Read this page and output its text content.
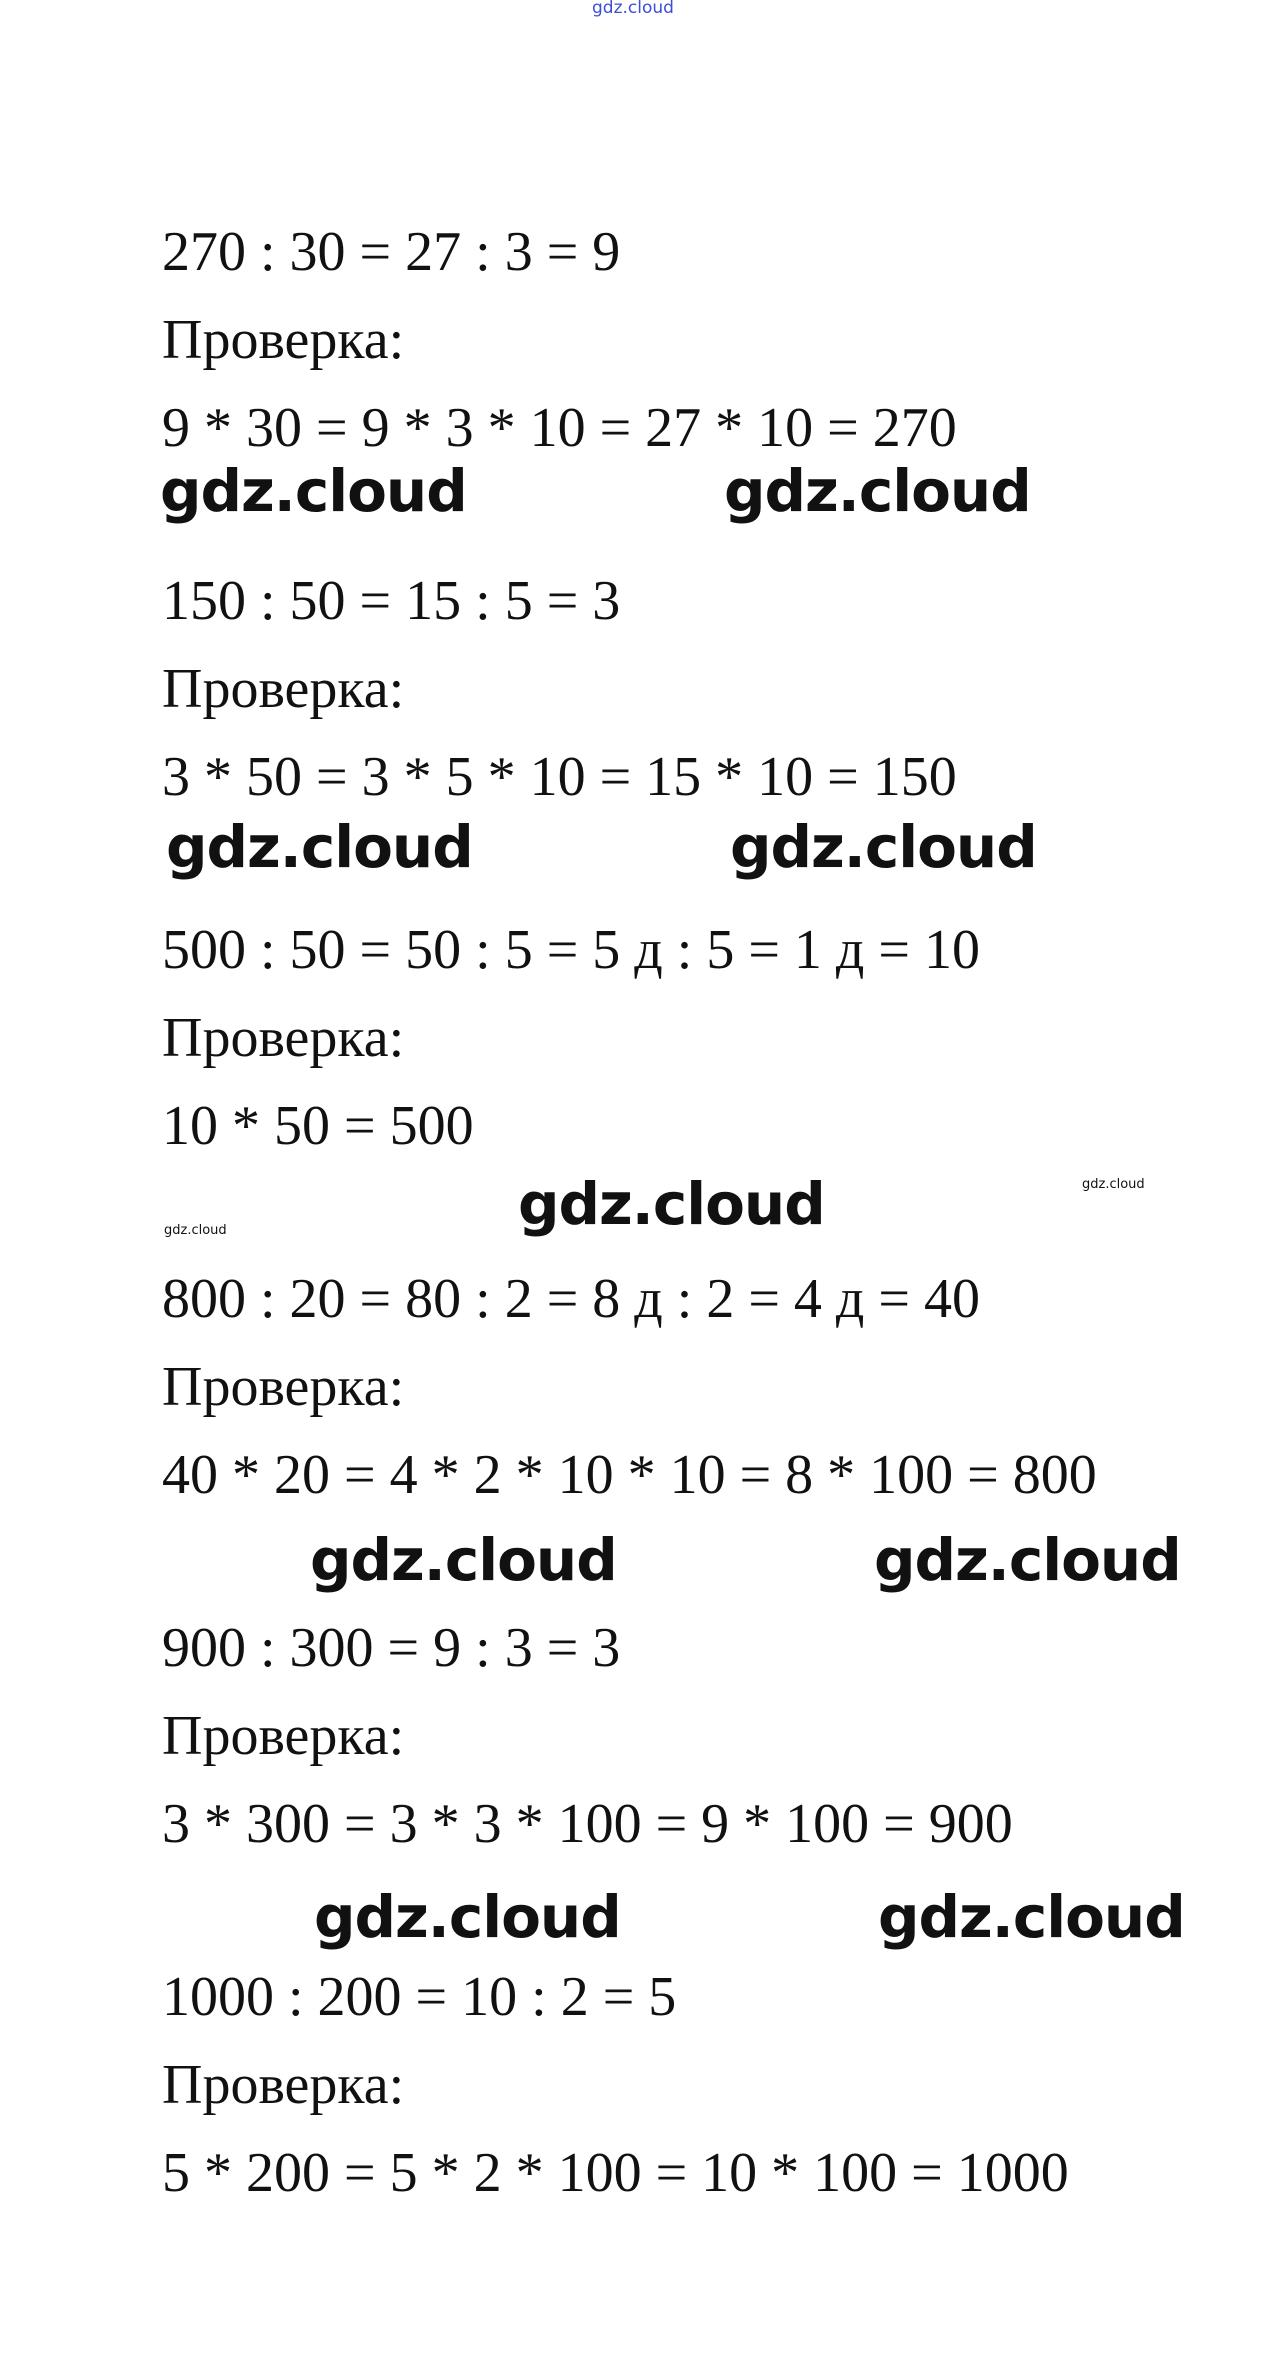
gdz.cloud
270 : 30 = 27 : 3 = 9
Проверка:
9 * 30 = 9 * 3 * 10 = 27 * 10 = 270
gdz.cloud	gdz.cloud
150 : 50 = 15 : 5 = 3
Проверка:
3 * 50 = 3 * 5 * 10 = 15 * 10 = 150
gdz.cloud	gdz.cloud
500 : 50 = 50 : 5 = 5 д : 5 = 1 д = 10
Проверка:
10 * 50 = 500
gdz.cloud	gdz.cloud
gdz.cloud
800 : 20 = 80 : 2 = 8 д : 2 = 4 д = 40
Проверка:
40 * 20 = 4 * 2 * 10 * 10 = 8 * 100 = 800
gdz.cloud	gdz.cloud
900 : 300 = 9 : 3 = 3
Проверка:
3 * 300 = 3 * 3 * 100 = 9 * 100 = 900
gdz.cloud	gdz.cloud
1000 : 200 = 10 : 2 = 5
Проверка:
5 * 200 = 5 * 2 * 100 = 10 * 100 = 1000
